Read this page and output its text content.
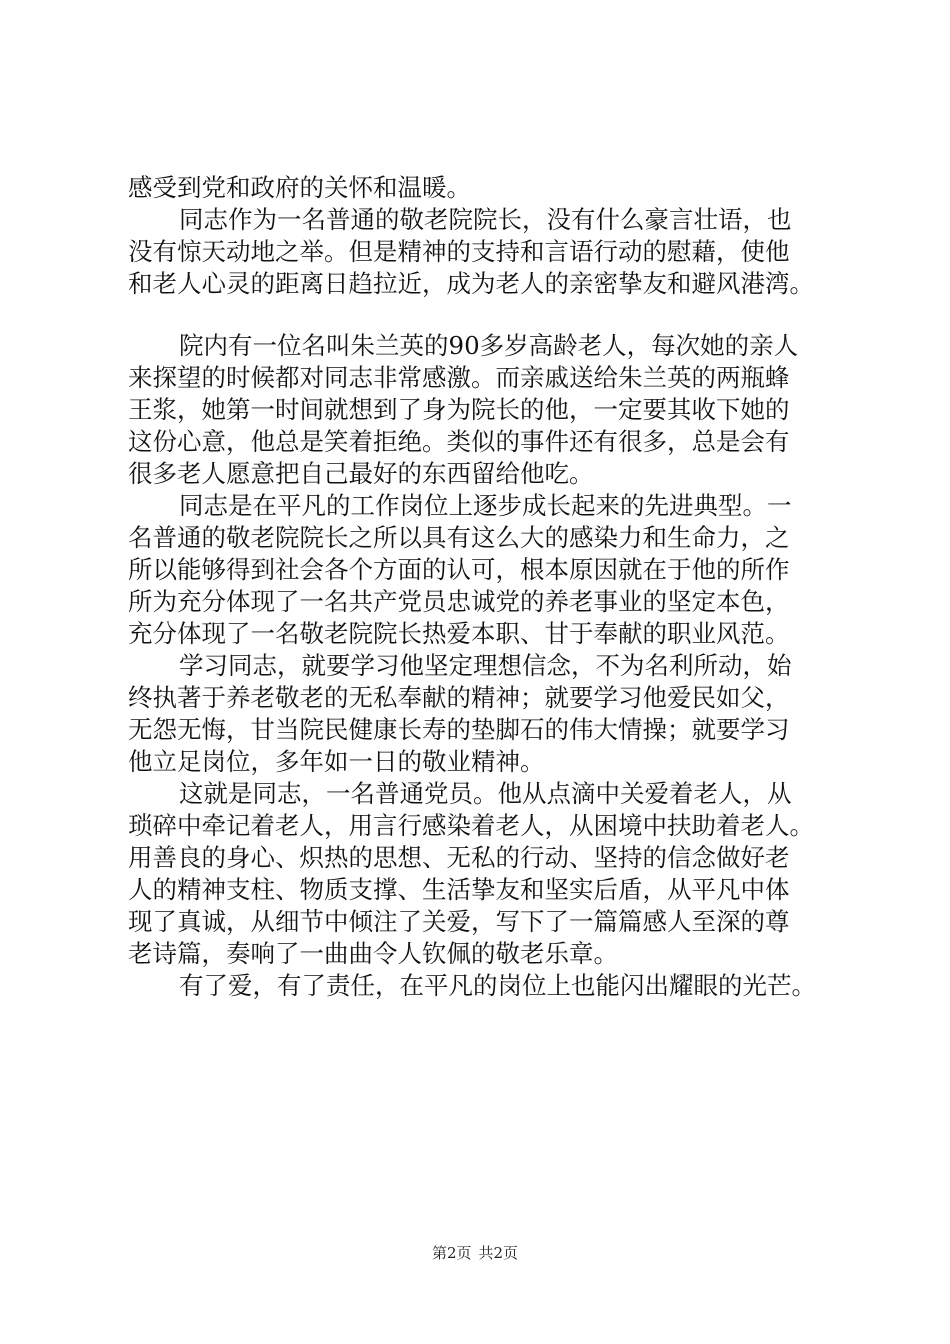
感受到党和政府的关怀和温暖。
同志作为一名普通的敬老院院长，没有什么豪言壮语，也
没有惊天动地之举。但是精神的支持和言语行动的慰藉，使他
和老人心灵的距离日趋拉近，成为老人的亲密挚友和避风港湾。
院内有一位名叫朱兰英的90多岁高龄老人，每次她的亲人
来探望的时候都对同志非常感激。而亲戚送给朱兰英的两瓶蜂
王浆，她第一时间就想到了身为院长的他，一定要其收下她的
这份心意，他总是笑着拒绝。类似的事件还有很多，总是会有
很多老人愿意把自己最好的东西留给他吃。
同志是在平凡的工作岗位上逐步成长起来的先进典型。一
名普通的敬老院院长之所以具有这么大的感染力和生命力，之
所以能够得到社会各个方面的认可，根本原因就在于他的所作
所为充分体现了一名共产党员忠诚党的养老事业的坚定本色，
充分体现了一名敬老院院长热爱本职、甘于奉献的职业风范。
学习同志，就要学习他坚定理想信念，不为名利所动，始
终执著于养老敬老的无私奉献的精神；就要学习他爱民如父，
无怨无悔，甘当院民健康长寿的垫脚石的伟大情操；就要学习
他立足岗位，多年如一日的敬业精神。
这就是同志，一名普通党员。他从点滴中关爱着老人，从
琐碎中牵记着老人，用言行感染着老人，从困境中扶助着老人。
用善良的身心、炽热的思想、无私的行动、坚持的信念做好老
人的精神支柱、物质支撑、生活挚友和坚实后盾，从平凡中体
现了真诚，从细节中倾注了关爱，写下了一篇篇感人至深的尊
老诗篇，奏响了一曲曲令人钦佩的敬老乐章。
有了爱，有了责任，在平凡的岗位上也能闪出耀眼的光芒。
第2页 共2页
